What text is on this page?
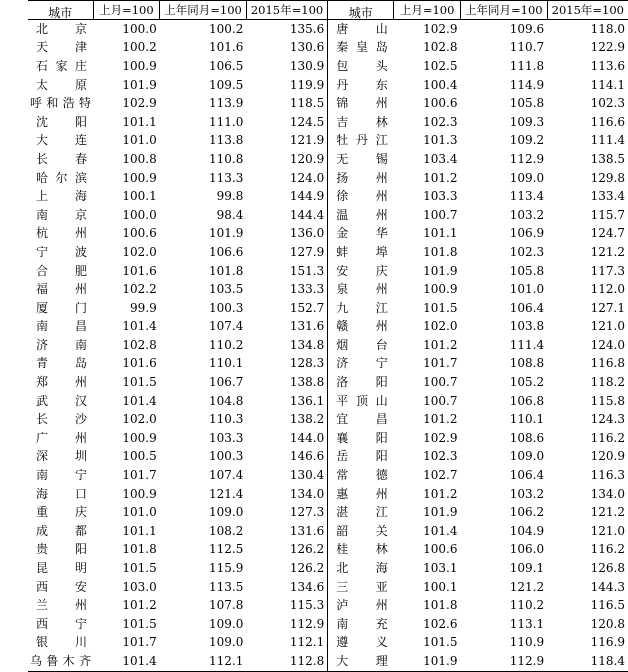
城市	上月=100	上年同月=100	2015年=100	城市	上月=100	上年同月=100	2015年=100
北　京	100.0	100.2	135.6	唐　山	102.9	109.6	118.0
天　津	100.2	101.6	130.6	秦皇岛	102.8	110.7	122.9
石家庄	100.9	106.5	130.9	包　头	102.5	111.8	113.6
太　原	101.9	109.5	119.9	丹　东	100.4	114.9	114.1
呼和浩特	102.9	113.9	118.5	锦　州	100.6	105.8	102.3
沈　阳	101.1	111.0	124.5	吉　林	102.3	109.3	116.6
大　连	101.0	113.8	121.9	牡丹江	101.3	109.2	111.4
长　春	100.8	110.8	120.9	无　锡	103.4	112.9	138.5
哈尔滨	100.9	113.3	124.0	扬　州	101.2	109.0	129.8
上　海	100.1	99.8	144.9	徐　州	103.3	113.4	133.4
南　京	100.0	98.4	144.4	温　州	100.7	103.2	115.7
杭　州	100.6	101.9	136.0	金　华	101.1	106.9	124.7
宁　波	102.0	106.6	127.9	蚌　埠	101.8	102.3	121.2
合　肥	101.6	101.8	151.3	安　庆	101.9	105.8	117.3
福　州	102.2	103.5	133.3	泉　州	100.9	101.0	112.0
厦　门	99.9	100.3	152.7	九　江	101.5	106.4	127.1
南　昌	101.4	107.4	131.6	赣　州	102.0	103.8	121.0
济　南	102.8	110.2	134.8	烟　台	101.2	111.4	124.0
青　岛	101.6	110.1	128.3	济　宁	101.7	108.8	116.8
郑　州	101.5	106.7	138.8	洛　阳	100.7	105.2	118.2
武　汉	101.4	104.8	136.1	平顶山	100.7	106.8	115.8
长　沙	102.0	110.3	138.2	宜　昌	101.2	110.1	124.3
广　州	100.9	103.3	144.0	襄　阳	102.9	108.6	116.2
深　圳	100.5	100.3	146.6	岳　阳	102.3	109.0	120.9
南　宁	101.7	107.4	130.4	常　德	102.7	106.4	116.3
海　口	100.9	121.4	134.0	惠　州	101.2	103.2	134.0
重　庆	101.0	109.0	127.3	湛　江	101.9	106.2	121.2
成　都	101.1	108.2	131.6	韶　关	101.4	104.9	121.0
贵　阳	101.8	112.5	126.2	桂　林	100.6	106.0	116.2
昆　明	101.5	115.9	126.2	北　海	103.1	109.1	126.8
西　安	103.0	113.5	134.6	三　亚	100.1	121.2	144.3
兰　州	101.2	107.8	115.3	泸　州	101.8	110.2	116.5
西　宁	101.5	109.0	112.9	南　充	102.6	113.1	120.8
银　川	101.7	109.0	112.1	遵　义	101.5	110.9	116.9
乌鲁木齐	101.4	112.1	112.8	大　理	101.9	112.9	118.4
